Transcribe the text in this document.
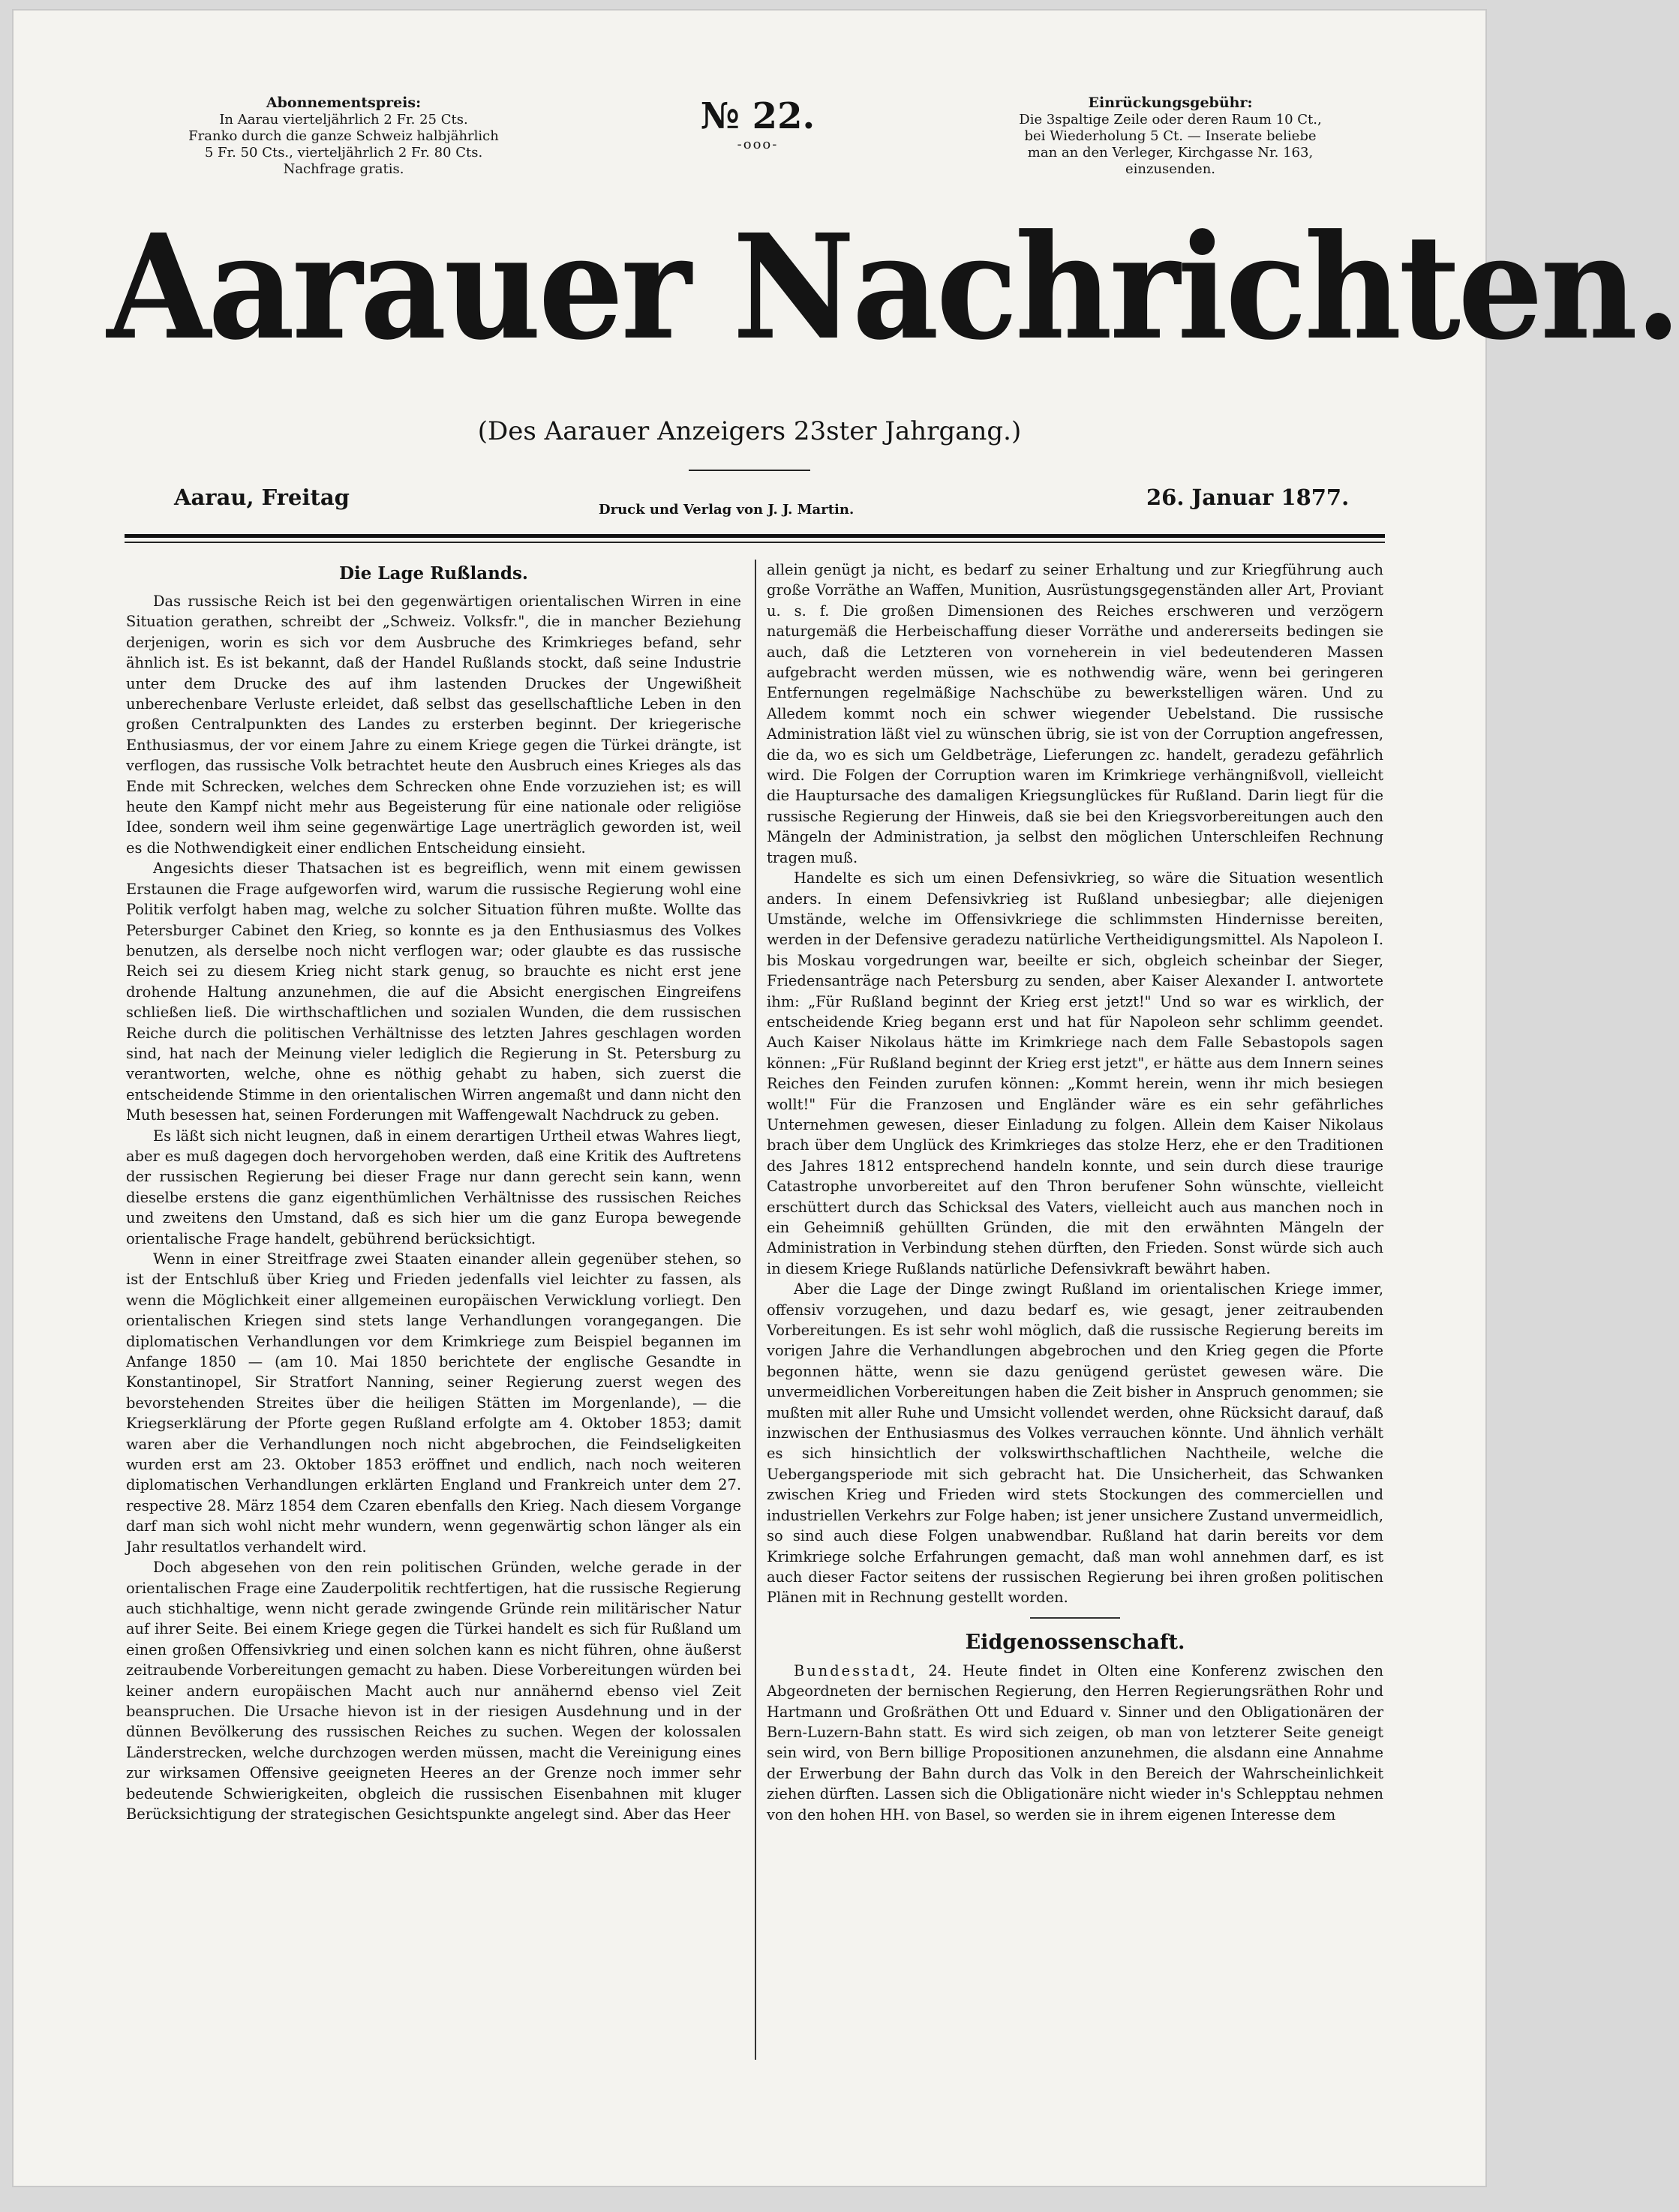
Abonnementspreis:

In Aarau vierteljährlich 2 Fr. 25 Cts.

Franko durch die ganze Schweiz halbjährlich

5 Fr. 50 Cts., vierteljährlich 2 Fr. 80 Cts.

Nachfrage gratis.

№ 22.
-ooo-

Einrückungsgebühr:

Die 3spaltige Zeile oder deren Raum 10 Ct.,

bei Wiederholung 5 Ct. — Inserate beliebe

man an den Verleger, Kirchgasse Nr. 163,

einzusenden.

Aarauer Nachrichten.
(Des Aarauer Anzeigers 23ster Jahrgang.)
Aarau, Freitag	Druck und Verlag von J. J. Martin.	26. Januar 1877.
Die Lage Rußlands.

Das russische Reich ist bei den gegenwärtigen orientalischen Wirren in eine Situation gerathen, schreibt der „Schweiz. Volksfr.", die in mancher Beziehung derjenigen, worin es sich vor dem Ausbruche des Krimkrieges befand, sehr ähnlich ist. Es ist bekannt, daß der Handel Rußlands stockt, daß seine Industrie unter dem Drucke des auf ihm lastenden Druckes der Ungewißheit unberechenbare Verluste erleidet, daß selbst das gesellschaftliche Leben in den großen Centralpunkten des Landes zu ersterben beginnt. Der kriegerische Enthusiasmus, der vor einem Jahre zu einem Kriege gegen die Türkei drängte, ist verflogen, das russische Volk betrachtet heute den Ausbruch eines Krieges als das Ende mit Schrecken, welches dem Schrecken ohne Ende vorzuziehen ist; es will heute den Kampf nicht mehr aus Begeisterung für eine nationale oder religiöse Idee, sondern weil ihm seine gegenwärtige Lage unerträglich geworden ist, weil es die Nothwendigkeit einer endlichen Entscheidung einsieht.

Angesichts dieser Thatsachen ist es begreiflich, wenn mit einem gewissen Erstaunen die Frage aufgeworfen wird, warum die russische Regierung wohl eine Politik verfolgt haben mag, welche zu solcher Situation führen mußte. Wollte das Petersburger Cabinet den Krieg, so konnte es ja den Enthusiasmus des Volkes benutzen, als derselbe noch nicht verflogen war; oder glaubte es das russische Reich sei zu diesem Krieg nicht stark genug, so brauchte es nicht erst jene drohende Haltung anzunehmen, die auf die Absicht energischen Eingreifens schließen ließ. Die wirthschaftlichen und sozialen Wunden, die dem russischen Reiche durch die politischen Verhältnisse des letzten Jahres geschlagen worden sind, hat nach der Meinung vieler lediglich die Regierung in St. Petersburg zu verantworten, welche, ohne es nöthig gehabt zu haben, sich zuerst die entscheidende Stimme in den orientalischen Wirren angemaßt und dann nicht den Muth besessen hat, seinen Forderungen mit Waffengewalt Nachdruck zu geben.

Es läßt sich nicht leugnen, daß in einem derartigen Urtheil etwas Wahres liegt, aber es muß dagegen doch hervorgehoben werden, daß eine Kritik des Auftretens der russischen Regierung bei dieser Frage nur dann gerecht sein kann, wenn dieselbe erstens die ganz eigenthümlichen Verhältnisse des russischen Reiches und zweitens den Umstand, daß es sich hier um die ganz Europa bewegende orientalische Frage handelt, gebührend berücksichtigt.

Wenn in einer Streitfrage zwei Staaten einander allein gegenüber stehen, so ist der Entschluß über Krieg und Frieden jedenfalls viel leichter zu fassen, als wenn die Möglichkeit einer allgemeinen europäischen Verwicklung vorliegt. Den orientalischen Kriegen sind stets lange Verhandlungen vorangegangen. Die diplomatischen Verhandlungen vor dem Krimkriege zum Beispiel begannen im Anfange 1850 — (am 10. Mai 1850 berichtete der englische Gesandte in Konstantinopel, Sir Stratfort Nanning, seiner Regierung zuerst wegen des bevorstehenden Streites über die heiligen Stätten im Morgenlande), — die Kriegserklärung der Pforte gegen Rußland erfolgte am 4. Oktober 1853; damit waren aber die Verhandlungen noch nicht abgebrochen, die Feindseligkeiten wurden erst am 23. Oktober 1853 eröffnet und endlich, nach noch weiteren diplomatischen Verhandlungen erklärten England und Frankreich unter dem 27. respective 28. März 1854 dem Czaren ebenfalls den Krieg. Nach diesem Vorgange darf man sich wohl nicht mehr wundern, wenn gegenwärtig schon länger als ein Jahr resultatlos verhandelt wird.

Doch abgesehen von den rein politischen Gründen, welche gerade in der orientalischen Frage eine Zauderpolitik rechtfertigen, hat die russische Regierung auch stichhaltige, wenn nicht gerade zwingende Gründe rein militärischer Natur auf ihrer Seite. Bei einem Kriege gegen die Türkei handelt es sich für Rußland um einen großen Offensivkrieg und einen solchen kann es nicht führen, ohne äußerst zeitraubende Vorbereitungen gemacht zu haben. Diese Vorbereitungen würden bei keiner andern europäischen Macht auch nur annähernd ebenso viel Zeit beanspruchen. Die Ursache hievon ist in der riesigen Ausdehnung und in der dünnen Bevölkerung des russischen Reiches zu suchen. Wegen der kolossalen Länderstrecken, welche durchzogen werden müssen, macht die Vereinigung eines zur wirksamen Offensive geeigneten Heeres an der Grenze noch immer sehr bedeutende Schwierigkeiten, obgleich die russischen Eisenbahnen mit kluger Berücksichtigung der strategischen Gesichtspunkte angelegt sind. Aber das Heer

allein genügt ja nicht, es bedarf zu seiner Erhaltung und zur Kriegführung auch große Vorräthe an Waffen, Munition, Ausrüstungsgegenständen aller Art, Proviant u. s. f. Die großen Dimensionen des Reiches erschweren und verzögern naturgemäß die Herbeischaffung dieser Vorräthe und andererseits bedingen sie auch, daß die Letzteren von vorneherein in viel bedeutenderen Massen aufgebracht werden müssen, wie es nothwendig wäre, wenn bei geringeren Entfernungen regelmäßige Nachschübe zu bewerkstelligen wären. Und zu Alledem kommt noch ein schwer wiegender Uebelstand. Die russische Administration läßt viel zu wünschen übrig, sie ist von der Corruption angefressen, die da, wo es sich um Geldbeträge, Lieferungen zc. handelt, geradezu gefährlich wird. Die Folgen der Corruption waren im Krimkriege verhängnißvoll, vielleicht die Hauptursache des damaligen Kriegsunglückes für Rußland. Darin liegt für die russische Regierung der Hinweis, daß sie bei den Kriegsvorbereitungen auch den Mängeln der Administration, ja selbst den möglichen Unterschleifen Rechnung tragen muß.

Handelte es sich um einen Defensivkrieg, so wäre die Situation wesentlich anders. In einem Defensivkrieg ist Rußland unbesiegbar; alle diejenigen Umstände, welche im Offensivkriege die schlimmsten Hindernisse bereiten, werden in der Defensive geradezu natürliche Vertheidigungsmittel. Als Napoleon I. bis Moskau vorgedrungen war, beeilte er sich, obgleich scheinbar der Sieger, Friedensanträge nach Petersburg zu senden, aber Kaiser Alexander I. antwortete ihm: „Für Rußland beginnt der Krieg erst jetzt!" Und so war es wirklich, der entscheidende Krieg begann erst und hat für Napoleon sehr schlimm geendet. Auch Kaiser Nikolaus hätte im Krimkriege nach dem Falle Sebastopols sagen können: „Für Rußland beginnt der Krieg erst jetzt", er hätte aus dem Innern seines Reiches den Feinden zurufen können: „Kommt herein, wenn ihr mich besiegen wollt!" Für die Franzosen und Engländer wäre es ein sehr gefährliches Unternehmen gewesen, dieser Einladung zu folgen. Allein dem Kaiser Nikolaus brach über dem Unglück des Krimkrieges das stolze Herz, ehe er den Traditionen des Jahres 1812 entsprechend handeln konnte, und sein durch diese traurige Catastrophe unvorbereitet auf den Thron berufener Sohn wünschte, vielleicht erschüttert durch das Schicksal des Vaters, vielleicht auch aus manchen noch in ein Geheimniß gehüllten Gründen, die mit den erwähnten Mängeln der Administration in Verbindung stehen dürften, den Frieden. Sonst würde sich auch in diesem Kriege Rußlands natürliche Defensivkraft bewährt haben.

Aber die Lage der Dinge zwingt Rußland im orientalischen Kriege immer, offensiv vorzugehen, und dazu bedarf es, wie gesagt, jener zeitraubenden Vorbereitungen. Es ist sehr wohl möglich, daß die russische Regierung bereits im vorigen Jahre die Verhandlungen abgebrochen und den Krieg gegen die Pforte begonnen hätte, wenn sie dazu genügend gerüstet gewesen wäre. Die unvermeidlichen Vorbereitungen haben die Zeit bisher in Anspruch genommen; sie mußten mit aller Ruhe und Umsicht vollendet werden, ohne Rücksicht darauf, daß inzwischen der Enthusiasmus des Volkes verrauchen könnte. Und ähnlich verhält es sich hinsichtlich der volkswirthschaftlichen Nachtheile, welche die Uebergangsperiode mit sich gebracht hat. Die Unsicherheit, das Schwanken zwischen Krieg und Frieden wird stets Stockungen des commerciellen und industriellen Verkehrs zur Folge haben; ist jener unsichere Zustand unvermeidlich, so sind auch diese Folgen unabwendbar. Rußland hat darin bereits vor dem Krimkriege solche Erfahrungen gemacht, daß man wohl annehmen darf, es ist auch dieser Factor seitens der russischen Regierung bei ihren großen politischen Plänen mit in Rechnung gestellt worden.

Eidgenossenschaft.

Bundesstadt, 24. Heute findet in Olten eine Konferenz zwischen den Abgeordneten der bernischen Regierung, den Herren Regierungsräthen Rohr und Hartmann und Großräthen Ott und Eduard v. Sinner und den Obligationären der Bern-Luzern-Bahn statt. Es wird sich zeigen, ob man von letzterer Seite geneigt sein wird, von Bern billige Propositionen anzunehmen, die alsdann eine Annahme der Erwerbung der Bahn durch das Volk in den Bereich der Wahrscheinlichkeit ziehen dürften. Lassen sich die Obligationäre nicht wieder in's Schlepptau nehmen von den hohen HH. von Basel, so werden sie in ihrem eigenen Interesse dem
